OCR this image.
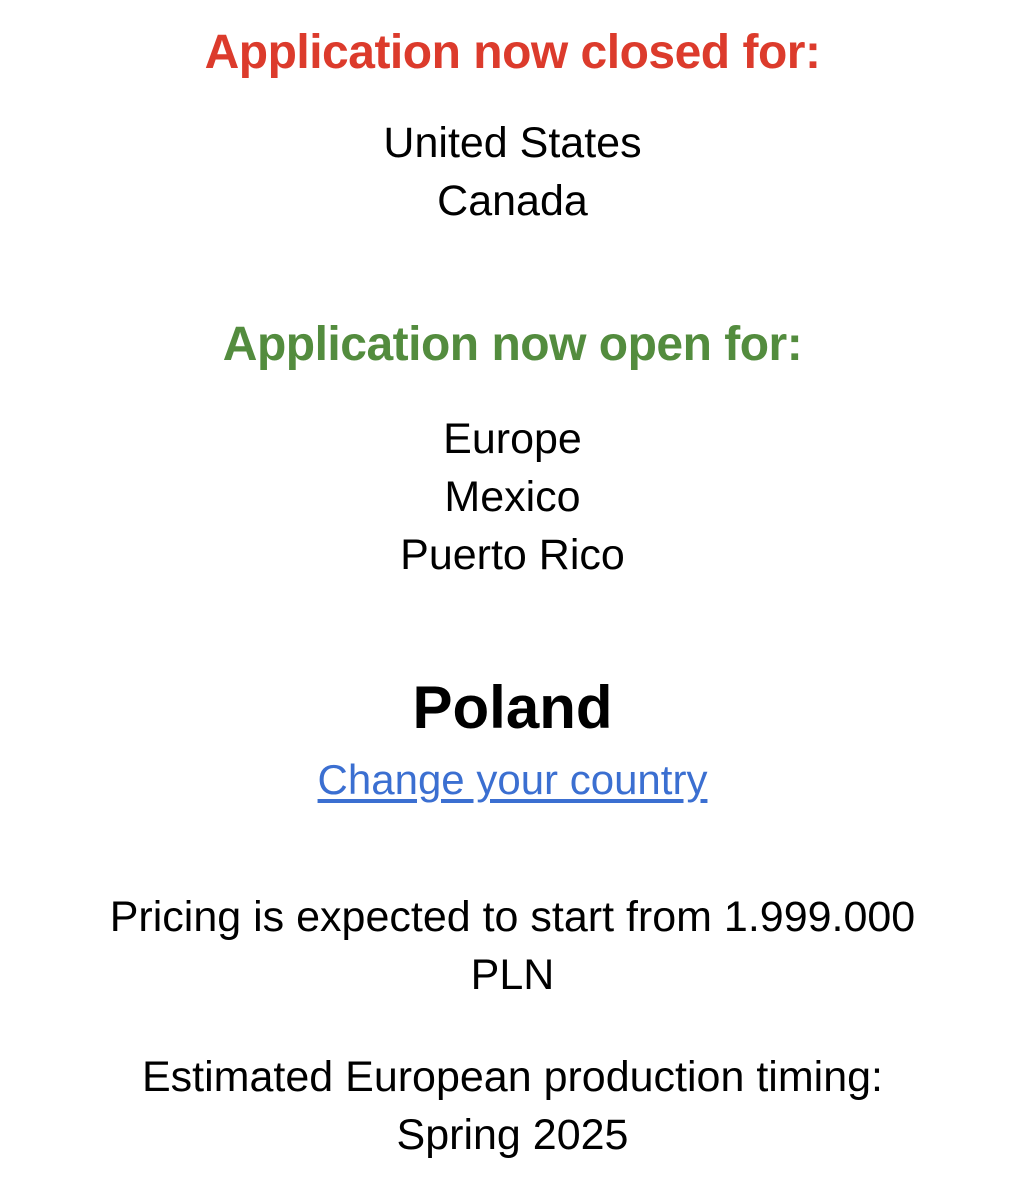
Application now closed for:
United States
Canada
Application now open for:
Europe
Mexico
Puerto Rico
Poland
Change your country

Pricing is expected to start from 1.999.000 PLN

Estimated European production timing: Spring 2025
